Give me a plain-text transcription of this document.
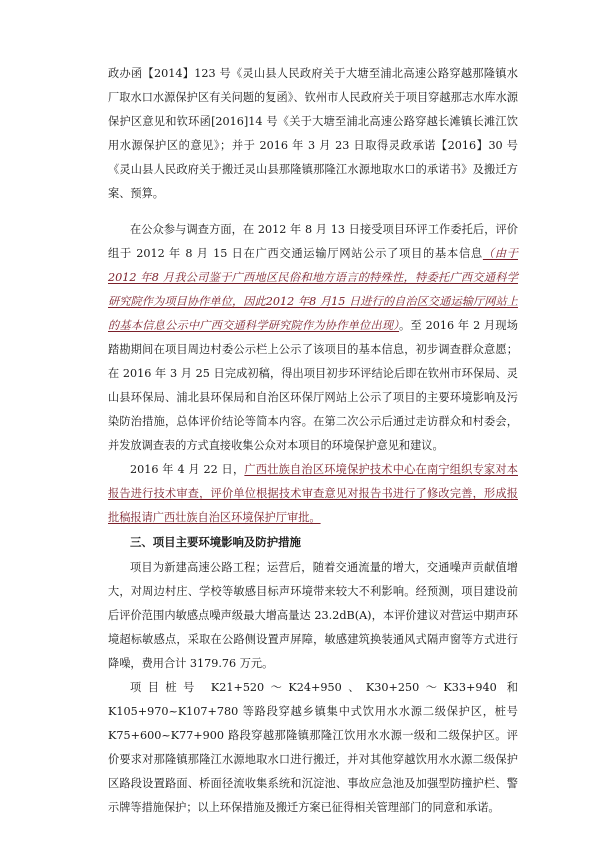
政办函【2014】123 号《灵山县人民政府关于大塘至浦北高速公路穿越那隆镇水厂取水口水源保护区有关问题的复函》、钦州市人民政府关于项目穿越那志水库水源保护区意见和钦环函[2016]14 号《关于大塘至浦北高速公路穿越长滩镇长滩江饮用水源保护区的意见》；并于 2016 年 3 月 23 日取得灵政承诺【2016】30 号《灵山县人民政府关于搬迁灵山县那隆镇那隆江水源地取水口的承诺书》及搬迁方案、预算。

在公众参与调查方面，在 2012 年 8 月 13 日接受项目环评工作委托后，评价组于 2012 年 8 月 15 日在广西交通运输厅网站公示了项目的基本信息（由于2012 年8 月我公司鉴于广西地区民俗和地方语言的特殊性，特委托广西交通科学研究院作为项目协作单位，因此2012 年8 月15 日进行的自治区交通运输厅网站上的基本信息公示中广西交通科学研究院作为协作单位出现）。至 2016 年 2 月现场踏勘期间在项目周边村委公示栏上公示了该项目的基本信息，初步调查群众意愿；在 2016 年 3 月 25 日完成初稿，得出项目初步环评结论后即在钦州市环保局、灵山县环保局、浦北县环保局和自治区环保厅网站上公示了项目的主要环境影响及污染防治措施，总体评价结论等简本内容。在第二次公示后通过走访群众和村委会，并发放调查表的方式直接收集公众对本项目的环境保护意见和建议。

2016 年 4 月 22 日，广西壮族自治区环境保护技术中心在南宁组织专家对本报告进行技术审查，评价单位根据技术审查意见对报告书进行了修改完善，形成报批稿报请广西壮族自治区环境保护厅审批。

三、项目主要环境影响及防护措施

项目为新建高速公路工程；运营后，随着交通流量的增大，交通噪声贡献值增大，对周边村庄、学校等敏感目标声环境带来较大不利影响。经预测，项目建设前后评价范围内敏感点噪声级最大增高量达 23.2dB(A)，本评价建议对营运中期声环境超标敏感点，采取在公路侧设置声屏障，敏感建筑换装通风式隔声窗等方式进行降噪，费用合计 3179.76 万元。

项目桩号 K21+520～K24+950、K30+250～K33+940 和 K105+970~K107+780 等路段穿越乡镇集中式饮用水水源二级保护区，桩号 K75+600~K77+900 路段穿越那隆镇那隆江饮用水水源一级和二级保护区。评价要求对那隆镇那隆江水源地取水口进行搬迁，并对其他穿越饮用水水源二级保护区路段设置路面、桥面径流收集系统和沉淀池、事故应急池及加强型防撞护栏、警示牌等措施保护；以上环保措施及搬迁方案已征得相关管理部门的同意和承诺。
